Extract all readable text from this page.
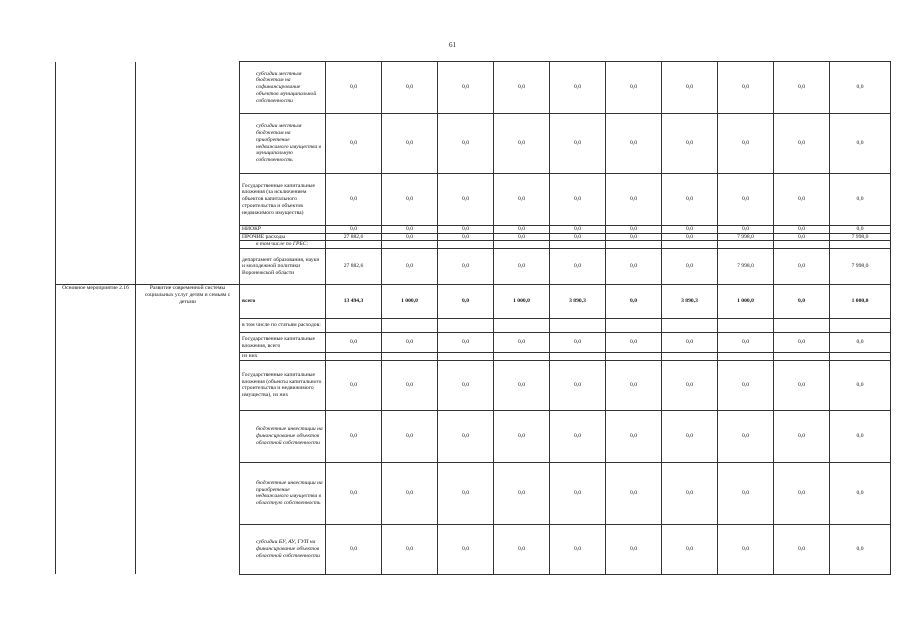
61
		субсидии местным бюджетам на софинансирование объектов муниципальной собственности	0,0	0,0	0,0	0,0	0,0	0,0	0,0	0,0	0,0	0,0
		субсидии местным бюджетам на приобретение недвижимого имущества в муниципальную собственность	0,0	0,0	0,0	0,0	0,0	0,0	0,0	0,0	0,0	0,0
		Государственные капитальные вложения (за исключением объектов капитального строительства и объектов недвижимого имущества)	0,0	0,0	0,0	0,0	0,0	0,0	0,0	0,0	0,0	0,0
		НИОКР	0,0	0,0	0,0	0,0	0,0	0,0	0,0	0,0	0,0	0,0
		ПРОЧИЕ расходы	27 882,6	0,0	0,0	0,0	0,0	0,0	0,0	7 998,0	0,0	7 998,0
		в том числе по ГРБС:										
		департамент образования, науки и молодежной политики Воронежской области	27 882,6	0,0	0,0	0,0	0,0	0,0	0,0	7 998,0	0,0	7 998,0
Основное мероприятие 2.16	Развитие современной системы социальных услуг детям и семьям с детьми	всего	13 494,3	1 000,0	0,0	1 000,0	3 890,3	0,0	3 890,3	1 000,0	0,0	1 000,0
		в том числе по статьям расходов:										
		Государственные капитальные вложения, всего	0,0	0,0	0,0	0,0	0,0	0,0	0,0	0,0	0,0	0,0
		из них										
		Государственные капитальные вложения (объекты капитального строительства и недвижимого имущества), из них	0,0	0,0	0,0	0,0	0,0	0,0	0,0	0,0	0,0	0,0
		бюджетные инвестиции на финансирование объектов областной собственности	0,0	0,0	0,0	0,0	0,0	0,0	0,0	0,0	0,0	0,0
		бюджетные инвестиции на приобретение недвижимого имущества в областную собственность	0,0	0,0	0,0	0,0	0,0	0,0	0,0	0,0	0,0	0,0
		субсидии БУ, АУ, ГУП на финансирование объектов областной собственности	0,0	0,0	0,0	0,0	0,0	0,0	0,0	0,0	0,0	0,0
